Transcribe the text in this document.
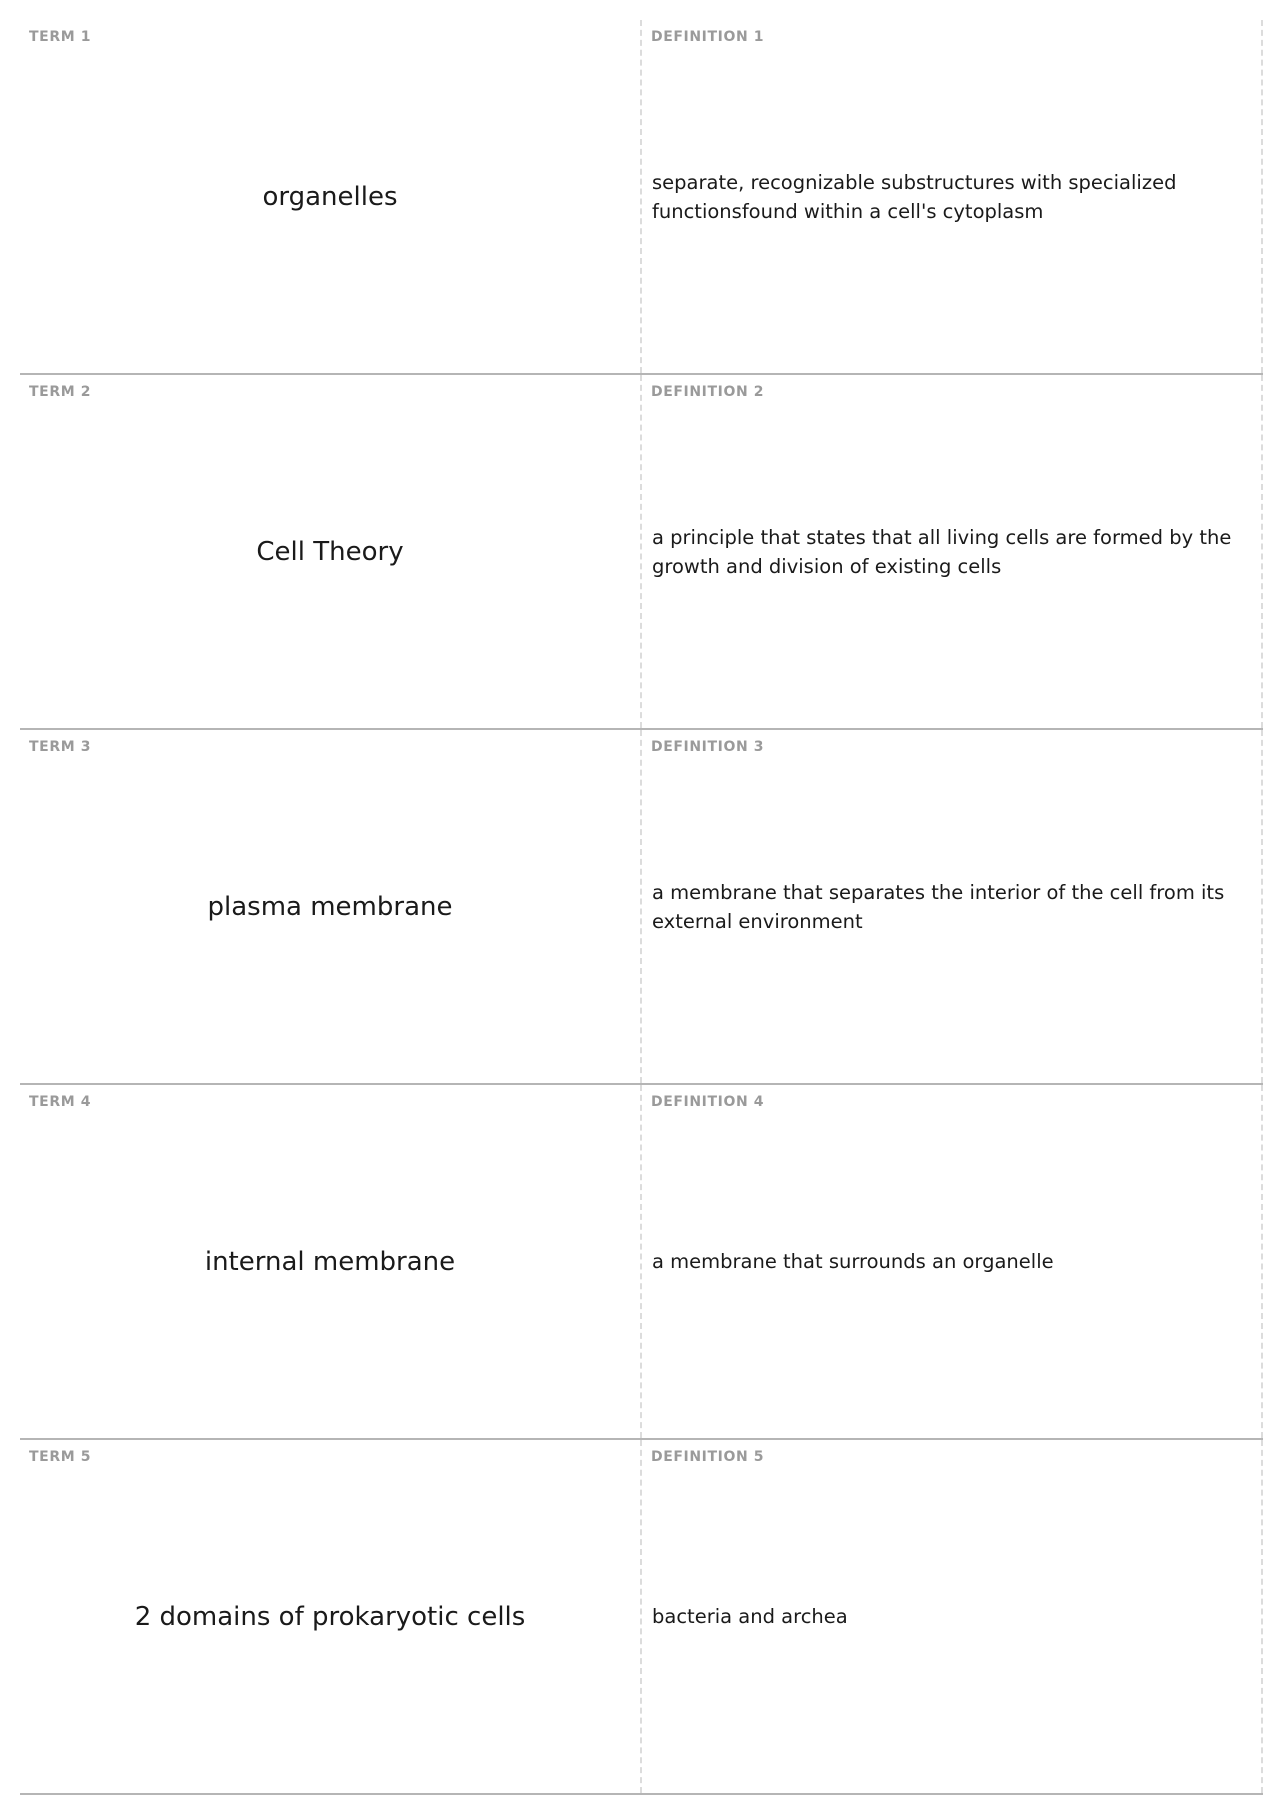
TERM 1
organelles
DEFINITION 1
separate, recognizable substructures with specialized functionsfound within a cell's cytoplasm
TERM 2
Cell Theory
DEFINITION 2
a principle that states that all living cells are formed by the growth and division of existing cells
TERM 3
plasma membrane
DEFINITION 3
a membrane that separates the interior of the cell from its external environment
TERM 4
internal membrane
DEFINITION 4
a membrane that surrounds an organelle
TERM 5
2 domains of prokaryotic cells
DEFINITION 5
bacteria and archea
